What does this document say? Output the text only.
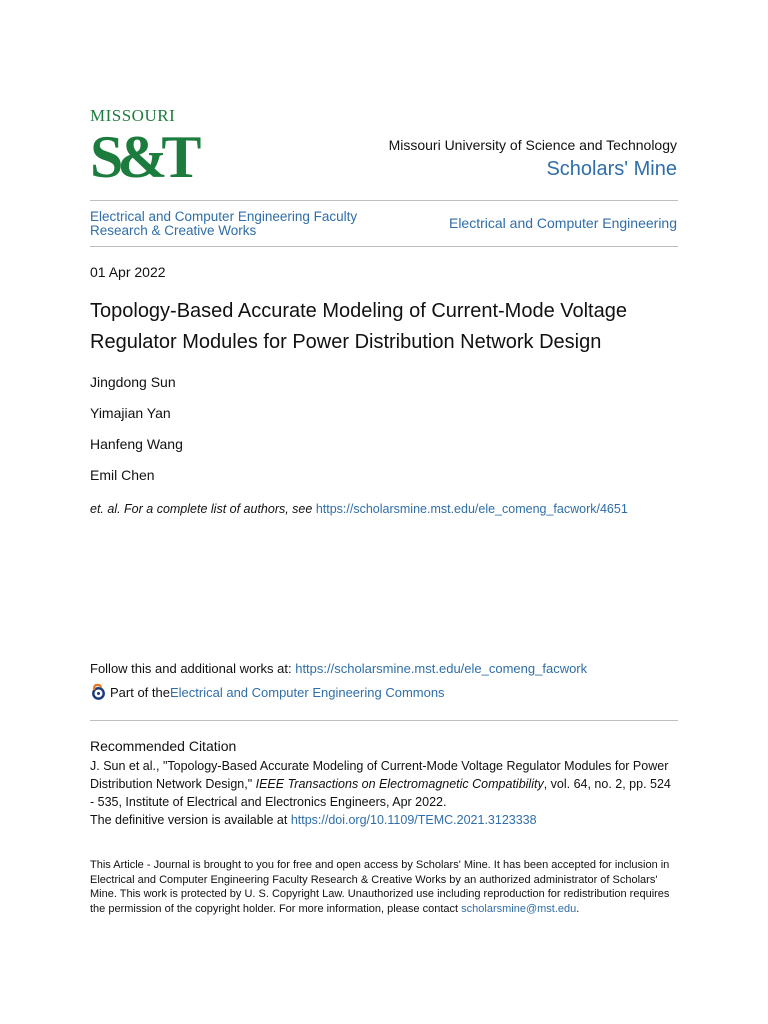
MISSOURI
S&T	Missouri University of Science and Technology
Scholars' Mine
Electrical and Computer Engineering Faculty Research & Creative Works	Electrical and Computer Engineering
01 Apr 2022
Topology-Based Accurate Modeling of Current-Mode Voltage Regulator Modules for Power Distribution Network Design
Jingdong Sun
Yimajian Yan
Hanfeng Wang
Emil Chen
et. al. For a complete list of authors, see https://scholarsmine.mst.edu/ele_comeng_facwork/4651
Follow this and additional works at: https://scholarsmine.mst.edu/ele_comeng_facwork
Part of the Electrical and Computer Engineering Commons
Recommended Citation
J. Sun et al., "Topology-Based Accurate Modeling of Current-Mode Voltage Regulator Modules for Power Distribution Network Design," IEEE Transactions on Electromagnetic Compatibility, vol. 64, no. 2, pp. 524 - 535, Institute of Electrical and Electronics Engineers, Apr 2022.
The definitive version is available at https://doi.org/10.1109/TEMC.2021.3123338
This Article - Journal is brought to you for free and open access by Scholars' Mine. It has been accepted for inclusion in Electrical and Computer Engineering Faculty Research & Creative Works by an authorized administrator of Scholars' Mine. This work is protected by U. S. Copyright Law. Unauthorized use including reproduction for redistribution requires the permission of the copyright holder. For more information, please contact scholarsmine@mst.edu.
